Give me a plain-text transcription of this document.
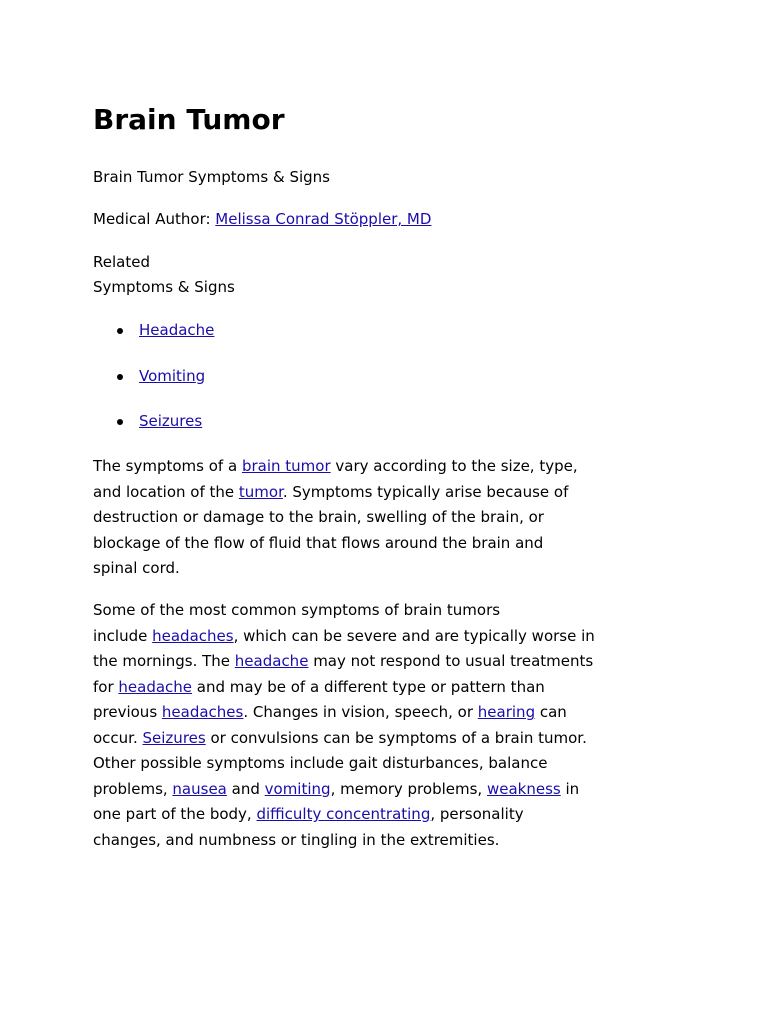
Brain Tumor
Brain Tumor Symptoms & Signs
Medical Author: Melissa Conrad Stöppler, MD
Related
Symptoms & Signs
Headache
Vomiting
Seizures

The symptoms of a brain tumor vary according to the size, type,
and location of the tumor. Symptoms typically arise because of
destruction or damage to the brain, swelling of the brain, or
blockage of the flow of fluid that flows around the brain and
spinal cord.

Some of the most common symptoms of brain tumors
include headaches, which can be severe and are typically worse in
the mornings. The headache may not respond to usual treatments
for headache and may be of a different type or pattern than
previous headaches. Changes in vision, speech, or hearing can
occur. Seizures or convulsions can be symptoms of a brain tumor.
Other possible symptoms include gait disturbances, balance
problems, nausea and vomiting, memory problems, weakness in
one part of the body, difficulty concentrating, personality
changes, and numbness or tingling in the extremities.
